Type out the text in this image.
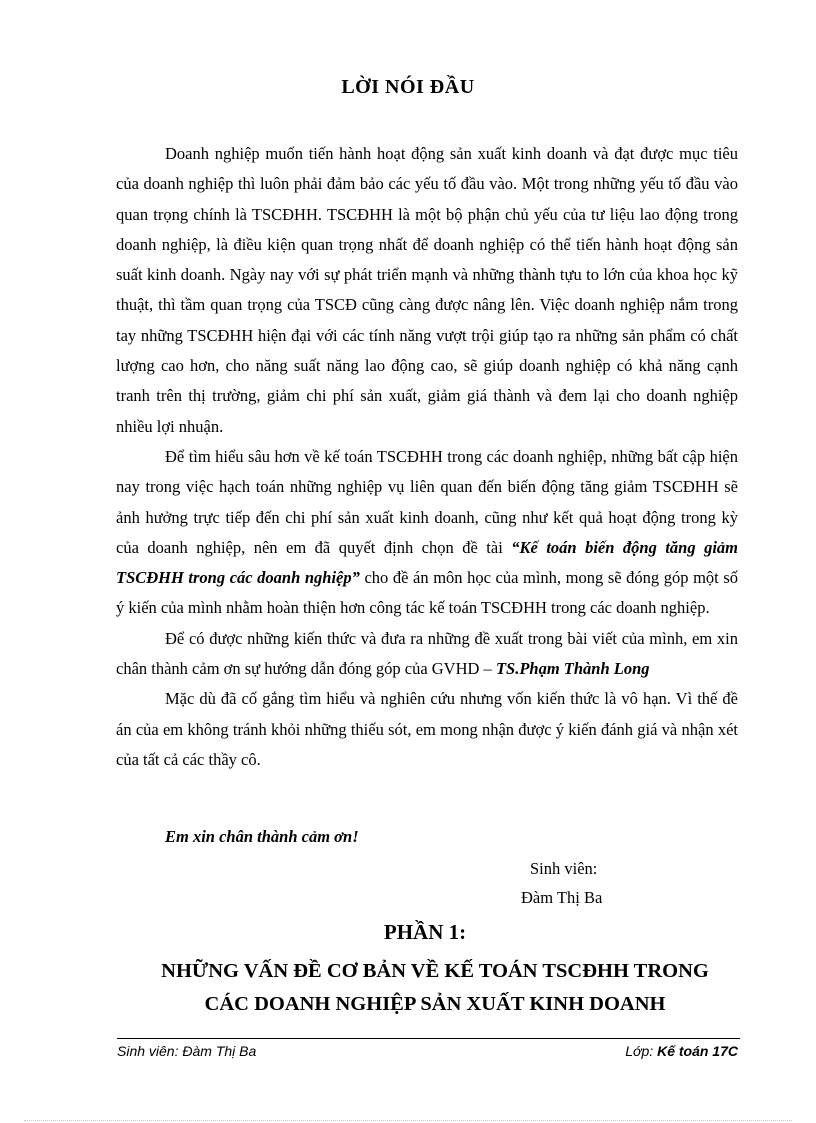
LỜI NÓI ĐẦU

Doanh nghiệp muốn tiến hành hoạt động sản xuất kinh doanh và đạt được mục tiêu của doanh nghiệp thì luôn phải đảm bảo các yếu tố đầu vào. Một trong những yếu tố đầu vào quan trọng chính là TSCĐHH. TSCĐHH là một bộ phận chủ yếu của tư liệu lao động trong doanh nghiệp, là điều kiện quan trọng nhất để doanh nghiệp có thể tiến hành hoạt động sản suất kinh doanh. Ngày nay với sự phát triển mạnh và những thành tựu to lớn của khoa học kỹ thuật, thì tầm quan trọng của TSCĐ cũng càng được nâng lên. Việc doanh nghiệp nắm trong tay những TSCĐHH hiện đại với các tính năng vượt trội giúp tạo ra những sản phẩm có chất lượng cao hơn, cho năng suất năng lao động cao, sẽ giúp doanh nghiệp có khả năng cạnh tranh trên thị trường, giảm chi phí sản xuất, giảm giá thành và đem lại cho doanh nghiệp nhiều lợi nhuận.

Để tìm hiểu sâu hơn về kế toán TSCĐHH trong các doanh nghiệp, những bất cập hiện nay trong việc hạch toán những nghiệp vụ liên quan đến biến động tăng giảm TSCĐHH sẽ ảnh hưởng trực tiếp đến chi phí sản xuất kinh doanh, cũng như kết quả hoạt động trong kỳ của doanh nghiệp, nên em đã quyết định chọn đề tài “Kế toán biến động tăng giảm TSCĐHH trong các doanh nghiệp” cho đề án môn học của mình, mong sẽ đóng góp một số ý kiến của mình nhằm hoàn thiện hơn công tác kế toán TSCĐHH trong các doanh nghiệp.

Để có được những kiến thức và đưa ra những đề xuất trong bài viết của mình, em xin chân thành cảm ơn sự hướng dẫn đóng góp của GVHD – TS.Phạm Thành Long

Mặc dù đã cố gắng tìm hiểu và nghiên cứu nhưng vốn kiến thức là vô hạn. Vì thế đề án của em không tránh khỏi những thiếu sót, em mong nhận được ý kiến đánh giá và nhận xét của tất cả các thầy cô.

Em xin chân thành cảm ơn!
Sinh viên:
Đàm Thị Ba
PHẦN 1:
NHỮNG VẤN ĐỀ CƠ BẢN VỀ KẾ TOÁN TSCĐHH TRONG
CÁC DOANH NGHIỆP SẢN XUẤT KINH DOANH
Sinh viên: Đàm Thị Ba	Lớp: Kế toán 17C
